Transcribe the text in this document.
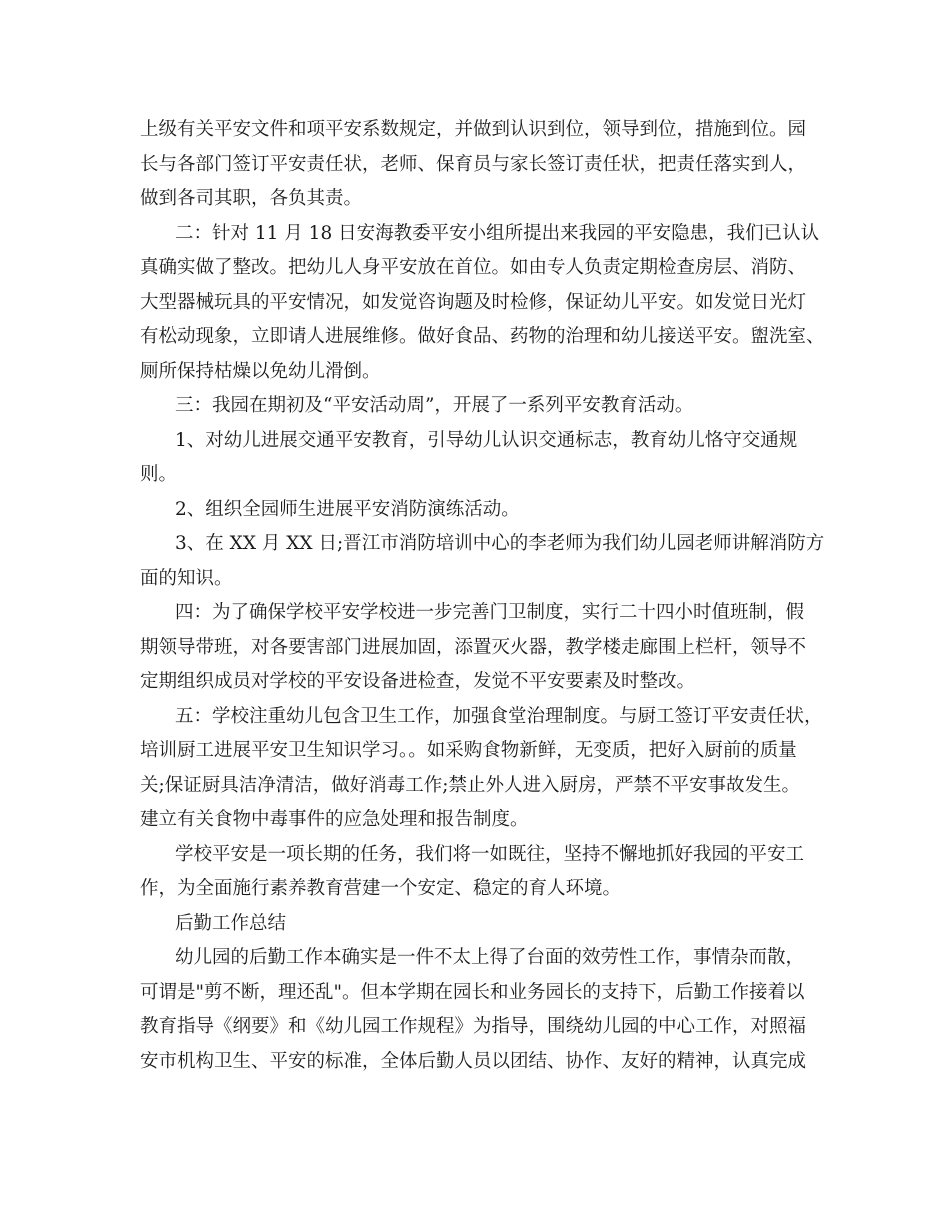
上级有关平安文件和项平安系数规定，并做到认识到位，领导到位，措施到位。园
长与各部门签订平安责任状，老师、保育员与家长签订责任状，把责任落实到人，
做到各司其职，各负其责。
二：针对 11 月 18 日安海教委平安小组所提出来我园的平安隐患，我们已认认
真确实做了整改。把幼儿人身平安放在首位。如由专人负责定期检查房层、消防、
大型器械玩具的平安情况，如发觉咨询题及时检修，保证幼儿平安。如发觉日光灯
有松动现象，立即请人进展维修。做好食品、药物的治理和幼儿接送平安。盥洗室、
厕所保持枯燥以免幼儿滑倒。
三：我园在期初及“平安活动周”，开展了一系列平安教育活动。
1、对幼儿进展交通平安教育，引导幼儿认识交通标志，教育幼儿恪守交通规
则。
2、组织全园师生进展平安消防演练活动。
3、在 XX 月 XX 日;晋江市消防培训中心的李老师为我们幼儿园老师讲解消防方
面的知识。
四：为了确保学校平安学校进一步完善门卫制度，实行二十四小时值班制，假
期领导带班，对各要害部门进展加固，添置灭火器，教学楼走廊围上栏杆，领导不
定期组织成员对学校的平安设备进检查，发觉不平安要素及时整改。
五：学校注重幼儿包含卫生工作，加强食堂治理制度。与厨工签订平安责任状，
培训厨工进展平安卫生知识学习。。如采购食物新鲜，无变质，把好入厨前的质量
关;保证厨具洁净清洁，做好消毒工作;禁止外人进入厨房，严禁不平安事故发生。
建立有关食物中毒事件的应急处理和报告制度。
学校平安是一项长期的任务，我们将一如既往，坚持不懈地抓好我园的平安工
作，为全面施行素养教育营建一个安定、稳定的育人环境。
后勤工作总结
幼儿园的后勤工作本确实是一件不太上得了台面的效劳性工作，事情杂而散，
可谓是"剪不断，理还乱"。但本学期在园长和业务园长的支持下，后勤工作接着以
教育指导《纲要》和《幼儿园工作规程》为指导，围绕幼儿园的中心工作，对照福
安市机构卫生、平安的标准，全体后勤人员以团结、协作、友好的精神，认真完成
